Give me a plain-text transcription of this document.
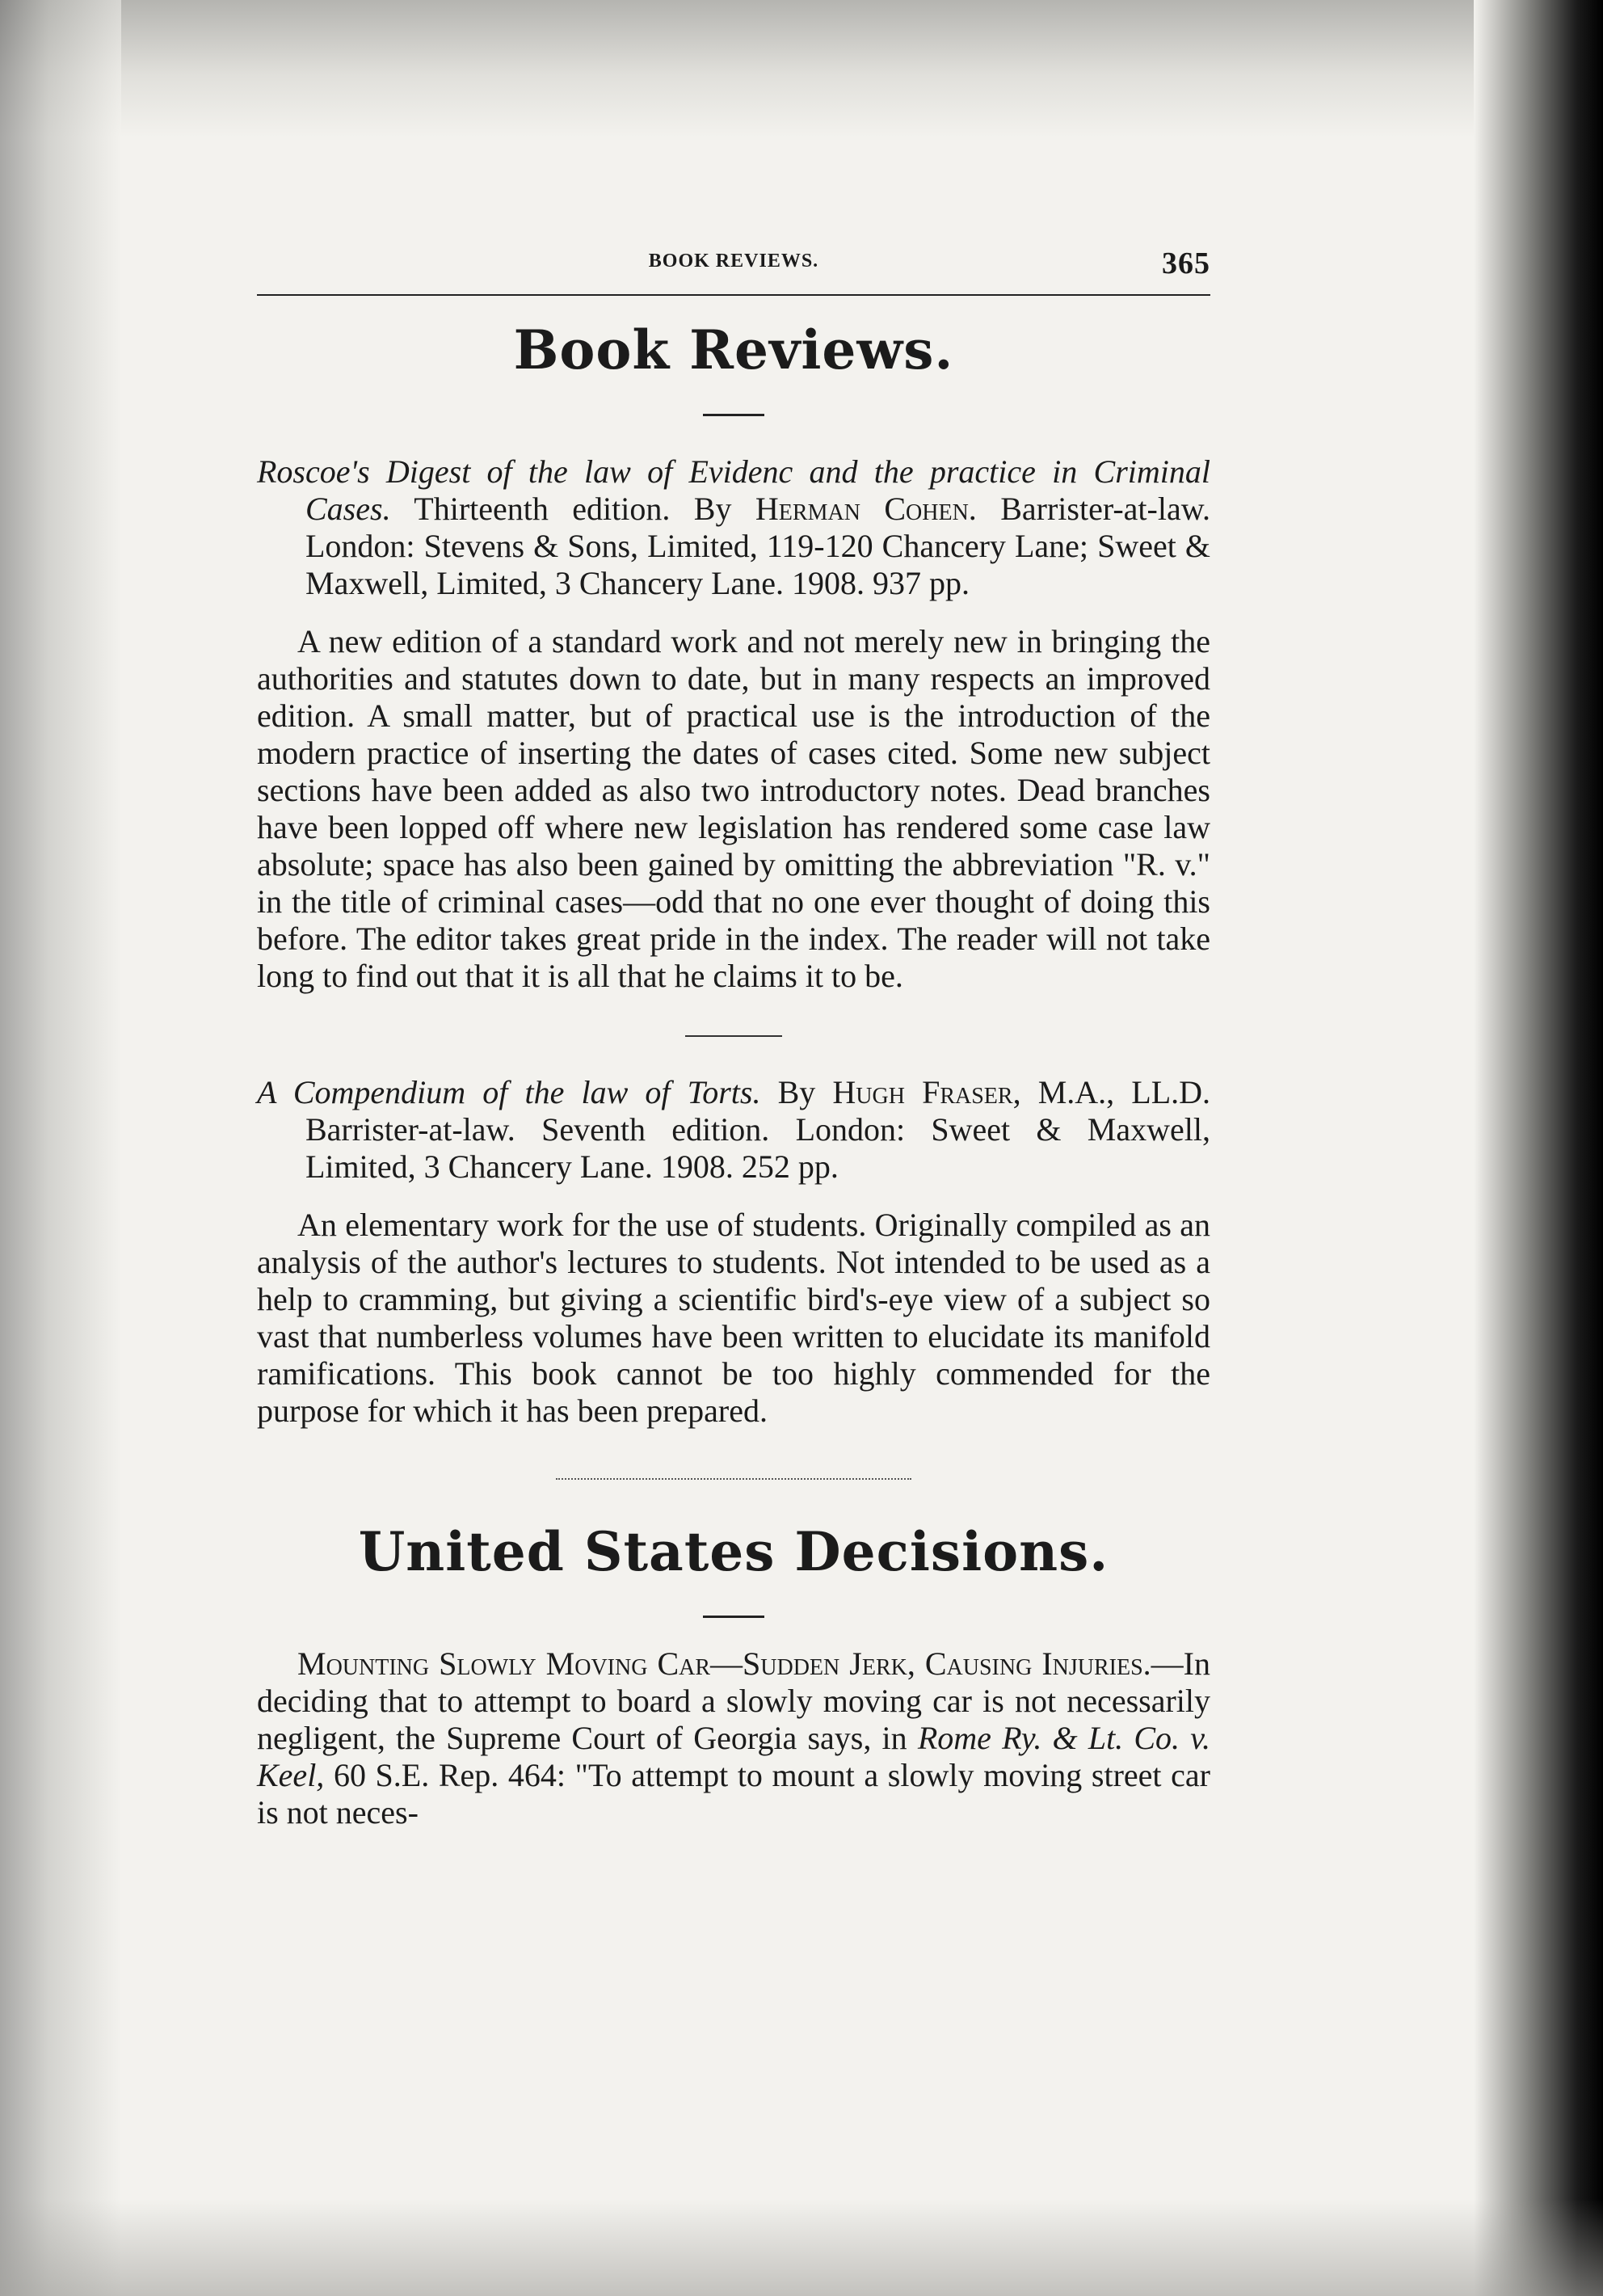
BOOK REVIEWS.	365
Book Reviews.
Roscoe's Digest of the law of Evidenc and the practice in Criminal Cases. Thirteenth edition. By Herman Cohen. Barrister-at-law. London: Stevens & Sons, Limited, 119-120 Chancery Lane; Sweet & Maxwell, Limited, 3 Chancery Lane. 1908. 937 pp.

A new edition of a standard work and not merely new in bringing the authorities and statutes down to date, but in many respects an improved edition. A small matter, but of practical use is the introduction of the modern practice of inserting the dates of cases cited. Some new subject sections have been added as also two introductory notes. Dead branches have been lopped off where new legislation has rendered some case law absolute; space has also been gained by omitting the abbreviation "R. v." in the title of criminal cases—odd that no one ever thought of doing this before. The editor takes great pride in the index. The reader will not take long to find out that it is all that he claims it to be.

A Compendium of the law of Torts. By Hugh Fraser, M.A., LL.D. Barrister-at-law. Seventh edition. London: Sweet & Maxwell, Limited, 3 Chancery Lane. 1908. 252 pp.

An elementary work for the use of students. Originally compiled as an analysis of the author's lectures to students. Not intended to be used as a help to cramming, but giving a scientific bird's-eye view of a subject so vast that numberless volumes have been written to elucidate its manifold ramifications. This book cannot be too highly commended for the purpose for which it has been prepared.

United States Decisions.

Mounting Slowly Moving Car—Sudden Jerk, Causing Injuries.—In deciding that to attempt to board a slowly moving car is not necessarily negligent, the Supreme Court of Georgia says, in Rome Ry. & Lt. Co. v. Keel, 60 S.E. Rep. 464: "To attempt to mount a slowly moving street car is not neces-
